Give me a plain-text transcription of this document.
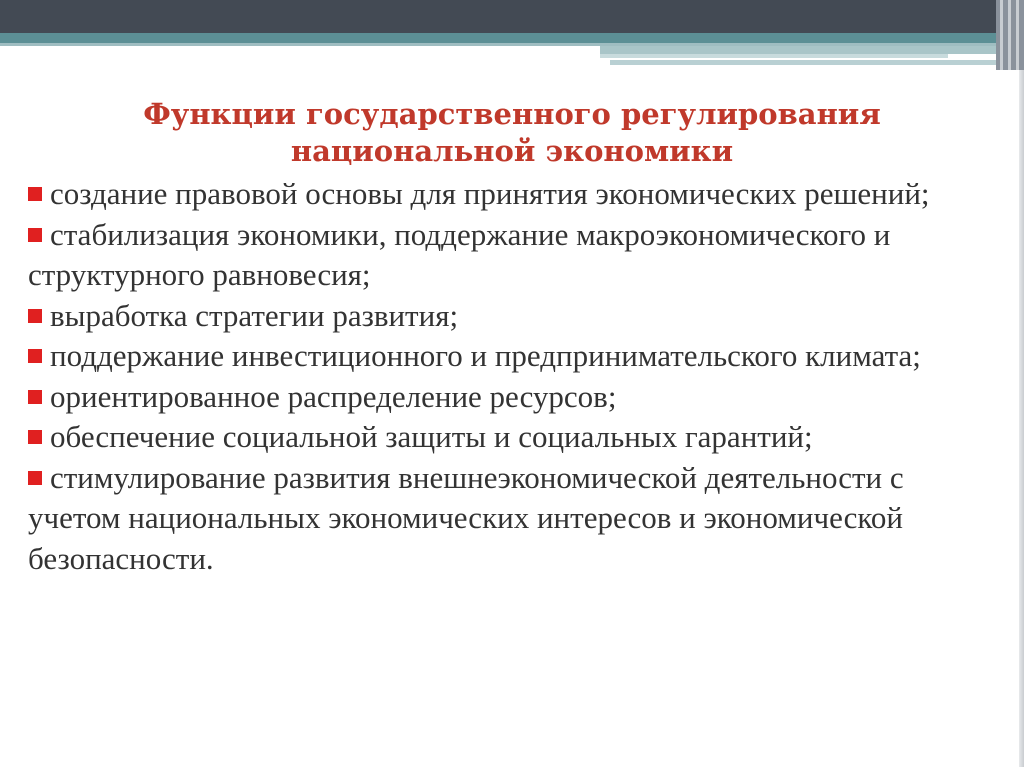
Функции государственного регулирования
национальной экономики
создание правовой основы для принятия экономических решений;
стабилизация экономики, поддержание макроэкономического и структурного равновесия;
выработка стратегии развития;
поддержание инвестиционного и предпринимательского климата;
ориентированное распределение ресурсов;
обеспечение социальной защиты и социальных гарантий;
стимулирование развития внешнеэкономической деятельности с учетом национальных экономических интересов и экономической безопасности.
